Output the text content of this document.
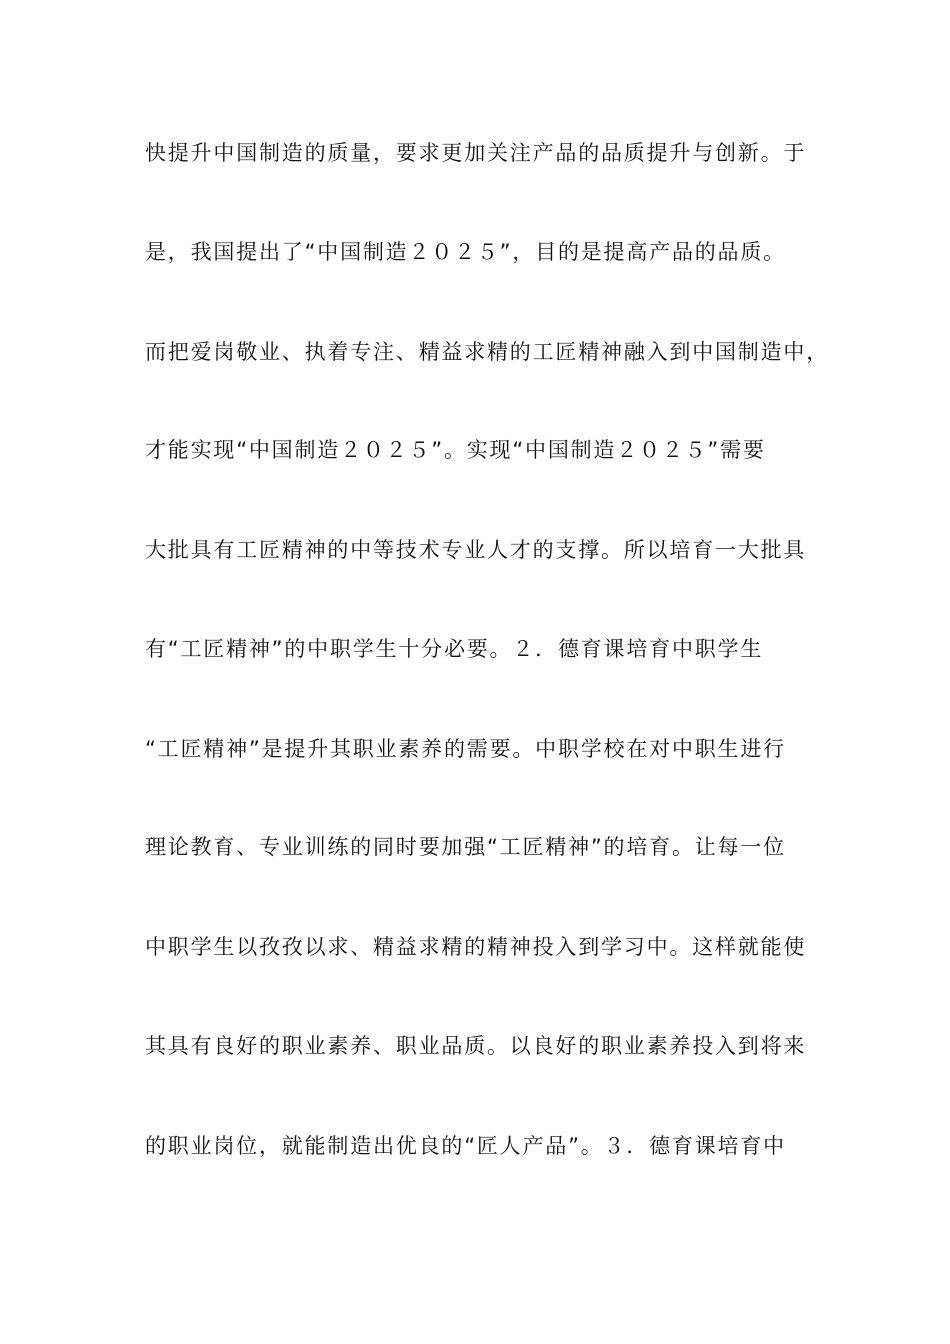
快提升中国制造的质量，要求更加关注产品的品质提升与创新。于
是，我国提出了“中国制造２０２５”，目的是提高产品的品质。
而把爱岗敬业、执着专注、精益求精的工匠精神融入到中国制造中，
才能实现“中国制造２０２５”。实现“中国制造２０２５”需要
大批具有工匠精神的中等技术专业人才的支撑。所以培育一大批具
有“工匠精神”的中职学生十分必要。２．德育课培育中职学生
“工匠精神”是提升其职业素养的需要。中职学校在对中职生进行
理论教育、专业训练的同时要加强“工匠精神”的培育。让每一位
中职学生以孜孜以求、精益求精的精神投入到学习中。这样就能使
其具有良好的职业素养、职业品质。以良好的职业素养投入到将来
的职业岗位，就能制造出优良的“匠人产品”。３．德育课培育中
